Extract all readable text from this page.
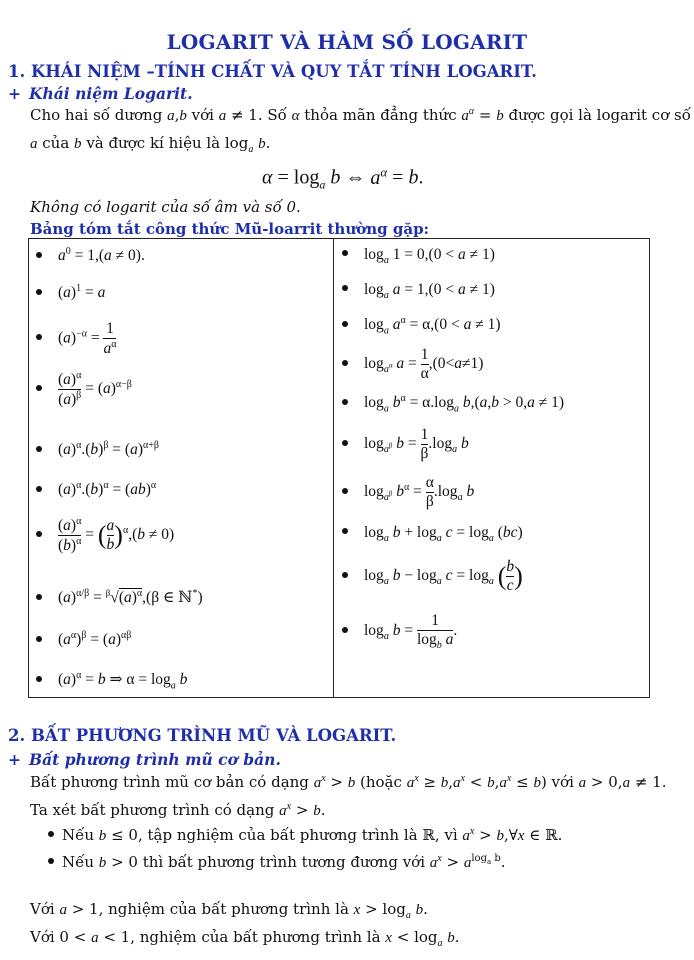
LOGARIT VÀ HÀM SỐ LOGARIT
1. KHÁI NIỆM –TÍNH CHẤT VÀ QUY TẮT TÍNH LOGARIT.
+ Khái niệm Logarit.
Cho hai số dương a,b với a ≠ 1. Số α thỏa mãn đẳng thức $a^\alpha = b$ được gọi là logarit cơ số
a của b và được kí hiệu là $\log_a b$.
$\alpha = \log_a b$ ⇔ $a^\alpha = b$.
Không có logarit của số âm và số 0.
Bảng tóm tắt công thức Mũ-loarrit thường gặp:
$a^0 = 1,(a \ne 0)$.
$(a)^1 = a$
$(a)^{-\alpha} = \frac{1}{a^\alpha}$
$\frac{(a)^\alpha}{(a)^\beta} = (a)^{\alpha-\beta}$
$(a)^\alpha.(b)^\beta = (a)^{\alpha+\beta}$
$(a)^\alpha.(b)^\alpha = (ab)^\alpha$
$\frac{(a)^\alpha}{(b)^\alpha}$ = ( $\frac{a}{b} )^\alpha,(b \ne 0)$
$(a)^{\alpha/\beta} = ^\beta√(a)^\alpha,(\beta$ ∈ ℕ*)
$(a^\alpha)^\beta = (a)^{\alpha\beta}$
$(a)^\alpha = b$ ⇒ $\alpha = \log_a b$
$\log_a 1 = 0,(0 < a \ne 1)$
$\log_a a = 1,(0 < a \ne 1)$
$\log_a a^\alpha = \alpha,(0 < a \ne 1)$
$\log_{a^\alpha} a = \frac{1}{\alpha} ,(0<a\ne 1)$
$\log_a b^\alpha = \alpha.\log_a$ b,(a,b > 0,a ≠ 1)
$\log_{a^\beta} b = \frac{1}{\beta} .\log_a$ b
$\log_{a^\beta} b^\alpha = \frac{\alpha}{\beta} .\log_a$ b
$\log_a b + \log_a c = \log_a (bc)$
$\log_a b - \log_a c = \log_a$ ( $\frac{b}{c}$ )
$\log_a b = \frac{1}{\log_b a}$ .
2. BẤT PHƯƠNG TRÌNH MŨ VÀ LOGARIT.
+ Bất phương trình mũ cơ bản.
Bất phương trình mũ cơ bản có dạng $a^x > b$ (hoặc $a^x \ge b,a^x < b,a^x \le b$) với a > 0,a ≠ 1.
Ta xét bất phương trình có dạng $a^x > b$.
Nếu b ≤ 0, tập nghiệm của bất phương trình là ℝ, vì $a^x$ > b,∀x ∈ ℝ.
Nếu b > 0 thì bất phương trình tương đương với $a^x > a^{log_a b}$.
Với a > 1, nghiệm của bất phương trình là $x > \log_a b$.
Với 0 < a < 1, nghiệm của bất phương trình là $x < \log_a b$.
